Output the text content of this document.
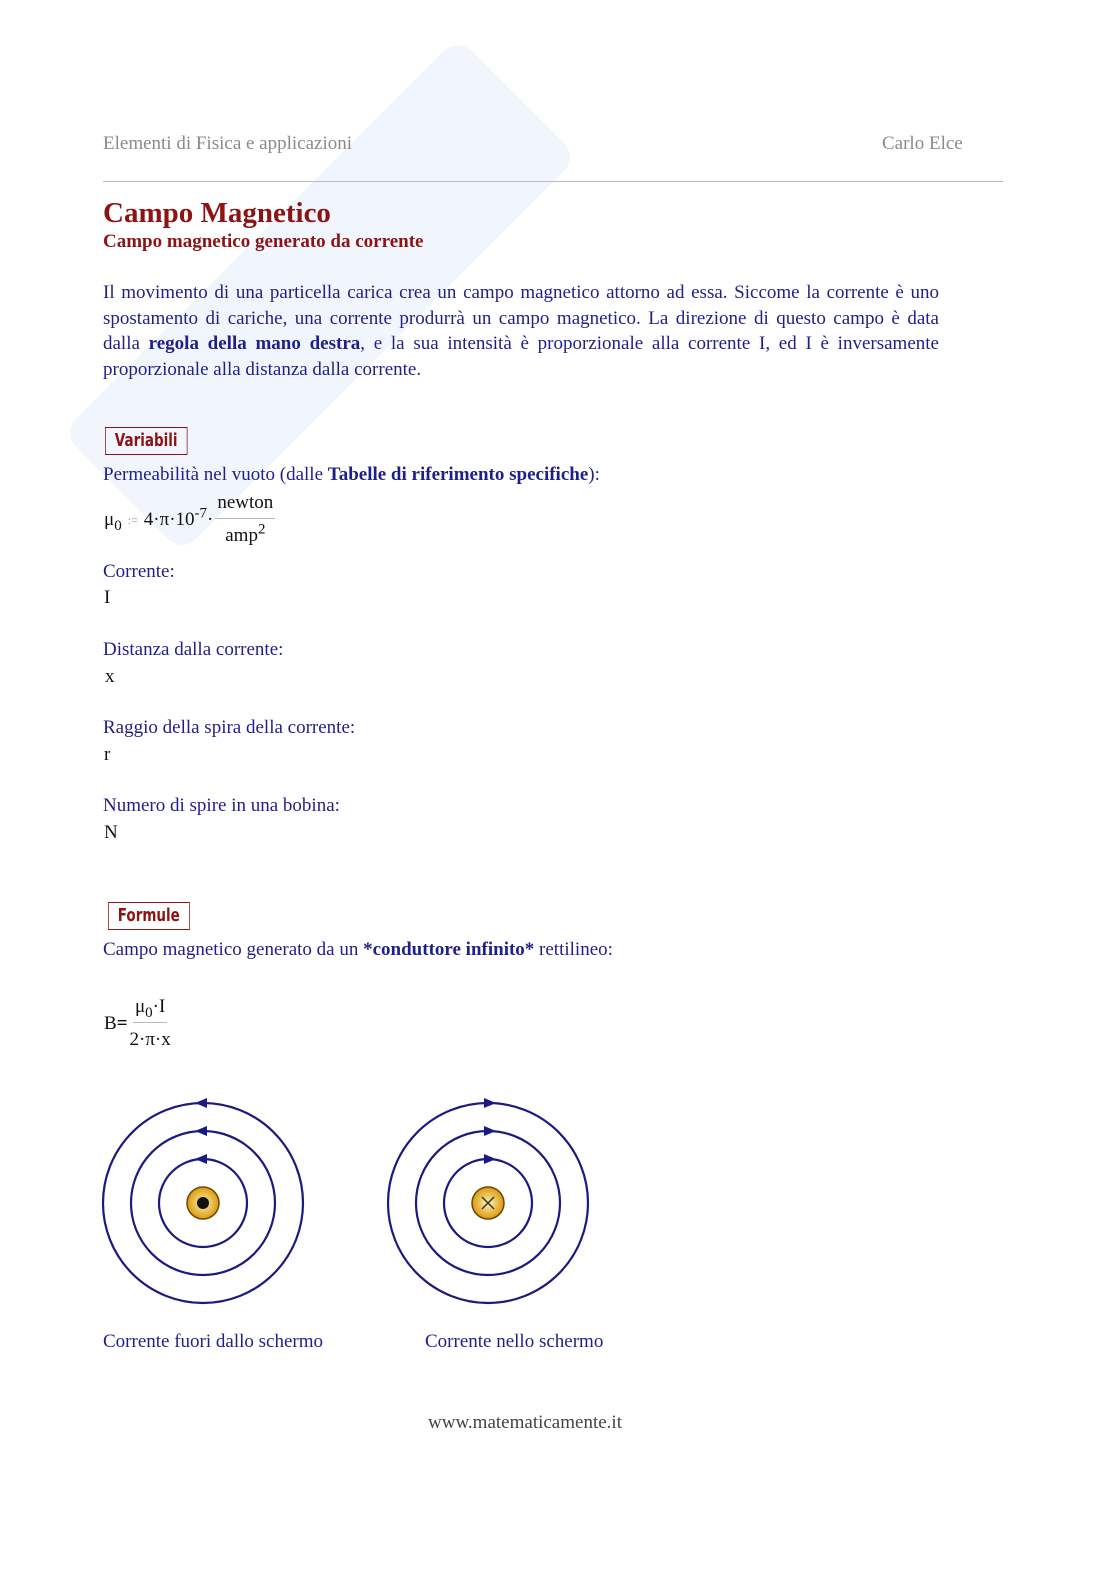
Elementi di Fisica e applicazioni	Carlo Elce
Campo Magnetico
Campo magnetico generato da corrente
Il movimento di una particella carica crea un campo magnetico attorno ad essa. Siccome la corrente è uno spostamento di cariche, una corrente produrrà un campo magnetico. La direzione di questo campo è data dalla regola della mano destra, e la sua intensità è proporzionale alla corrente I, ed I è inversamente proporzionale alla distanza dalla corrente.
Variabili
Permeabilità nel vuoto (dalle Tabelle di riferimento specifiche):
$\mu_0$ := $4\cdot\pi\cdot 10^{-7}\cdot \frac{\text{newton}}{amp^2}$
Corrente:
I
Distanza dalla corrente:
x
Raggio della spira della corrente:
r
Numero di spire in una bobina:
N
Formule
Campo magnetico generato da un *conduttore infinito* rettilineo:
$B = \frac{\mu_0\cdot I}{2\cdot\pi\cdot x}$
Corrente fuori dallo schermo	Corrente nello schermo
www.matematicamente.it
